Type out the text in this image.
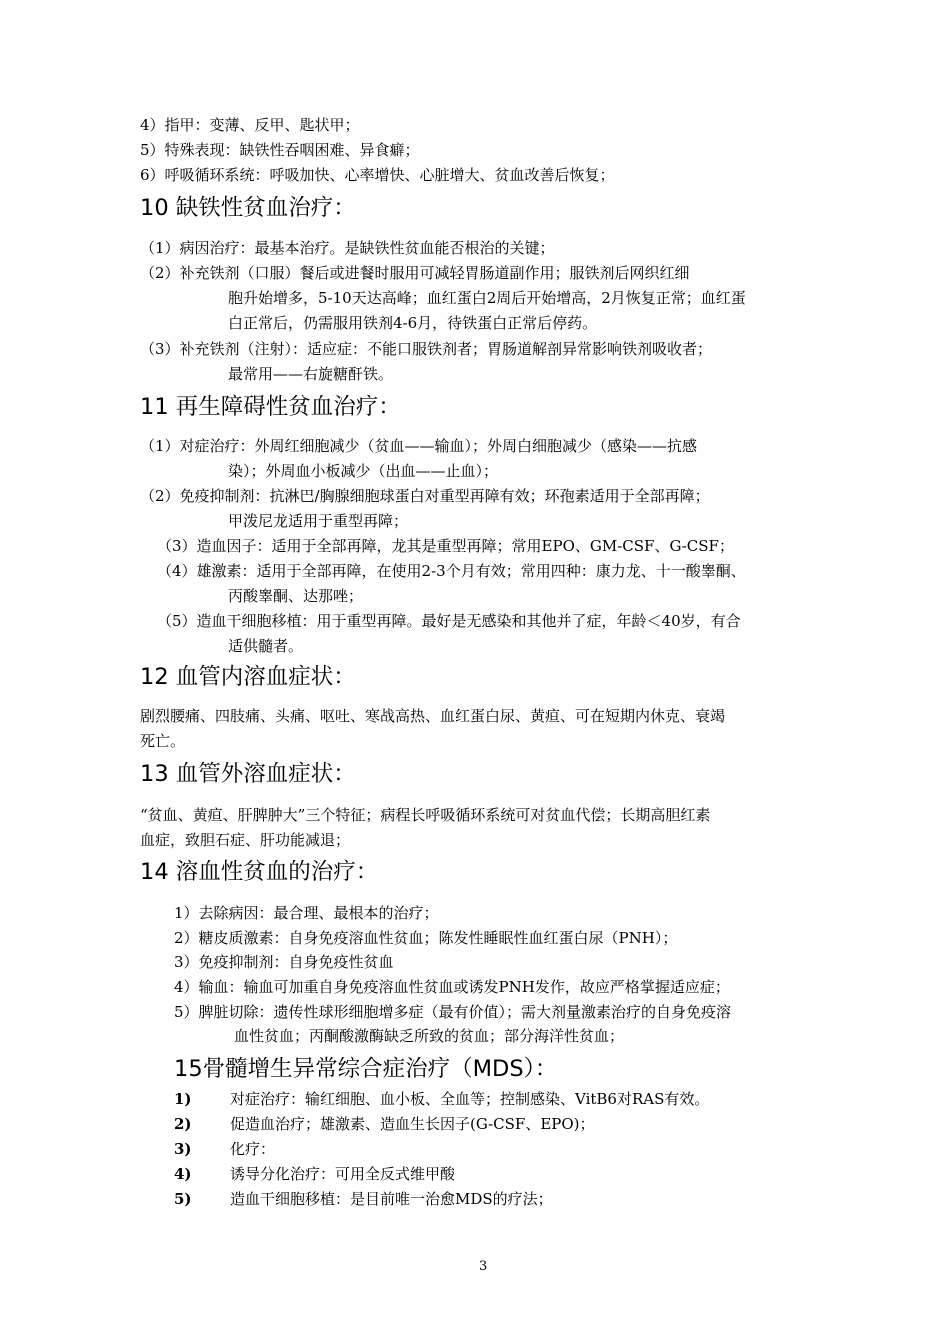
4）指甲：变薄、反甲、匙状甲；
5）特殊表现：缺铁性吞咽困难、异食癖；
6）呼吸循环系统：呼吸加快、心率增快、心脏增大、贫血改善后恢复；
10 缺铁性贫血治疗：
（1）病因治疗：最基本治疗。是缺铁性贫血能否根治的关键；
（2）补充铁剂（口服）餐后或进餐时服用可减轻胃肠道副作用；服铁剂后网织红细
胞升始增多，5-10天达高峰；血红蛋白2周后开始增高，2月恢复正常；血红蛋
白正常后，仍需服用铁剂4-6月，待铁蛋白正常后停药。
（3）补充铁剂（注射）：适应症：不能口服铁剂者；胃肠道解剖异常影响铁剂吸收者；
最常用——右旋糖酐铁。
11 再生障碍性贫血治疗：
（1）对症治疗：外周红细胞减少（贫血——输血）；外周白细胞减少（感染——抗感
染）；外周血小板减少（出血——止血）；
（2）免疫抑制剂：抗淋巴/胸腺细胞球蛋白对重型再障有效；环孢素适用于全部再障；
甲泼尼龙适用于重型再障；
（3）造血因子：适用于全部再障，龙其是重型再障；常用EPO、GM-CSF、G-CSF；
（4）雄激素：适用于全部再障，在使用2-3个月有效；常用四种：康力龙、十一酸睾酮、
丙酸睾酮、达那唑；
（5）造血干细胞移植：用于重型再障。最好是无感染和其他并了症，年龄＜40岁，有合
适供髓者。
12 血管内溶血症状：
剧烈腰痛、四肢痛、头痛、呕吐、寒战高热、血红蛋白尿、黄疸、可在短期内休克、衰竭
死亡。
13 血管外溶血症状：
“贫血、黄疸、肝脾肿大”三个特征；病程长呼吸循环系统可对贫血代偿；长期高胆红素
血症，致胆石症、肝功能减退；
14 溶血性贫血的治疗：
1）去除病因：最合理、最根本的治疗；
2）糖皮质激素：自身免疫溶血性贫血；陈发性睡眠性血红蛋白尿（PNH）；
3）免疫抑制剂：自身免疫性贫血
4）输血：输血可加重自身免疫溶血性贫血或诱发PNH发作，故应严格掌握适应症；
5）脾脏切除：遗传性球形细胞增多症（最有价值）；需大剂量激素治疗的自身免疫溶
血性贫血；丙酮酸激酶缺乏所致的贫血；部分海洋性贫血；
15骨髓增生异常综合症治疗（MDS）：
1)	对症治疗：输红细胞、血小板、全血等；控制感染、VitB6对RAS有效。
2)	促造血治疗；雄激素、造血生长因子(G-CSF、EPO)；
3)	化疗：
4)	诱导分化治疗：可用全反式维甲酸
5)	造血干细胞移植：是目前唯一治愈MDS的疗法；
3
